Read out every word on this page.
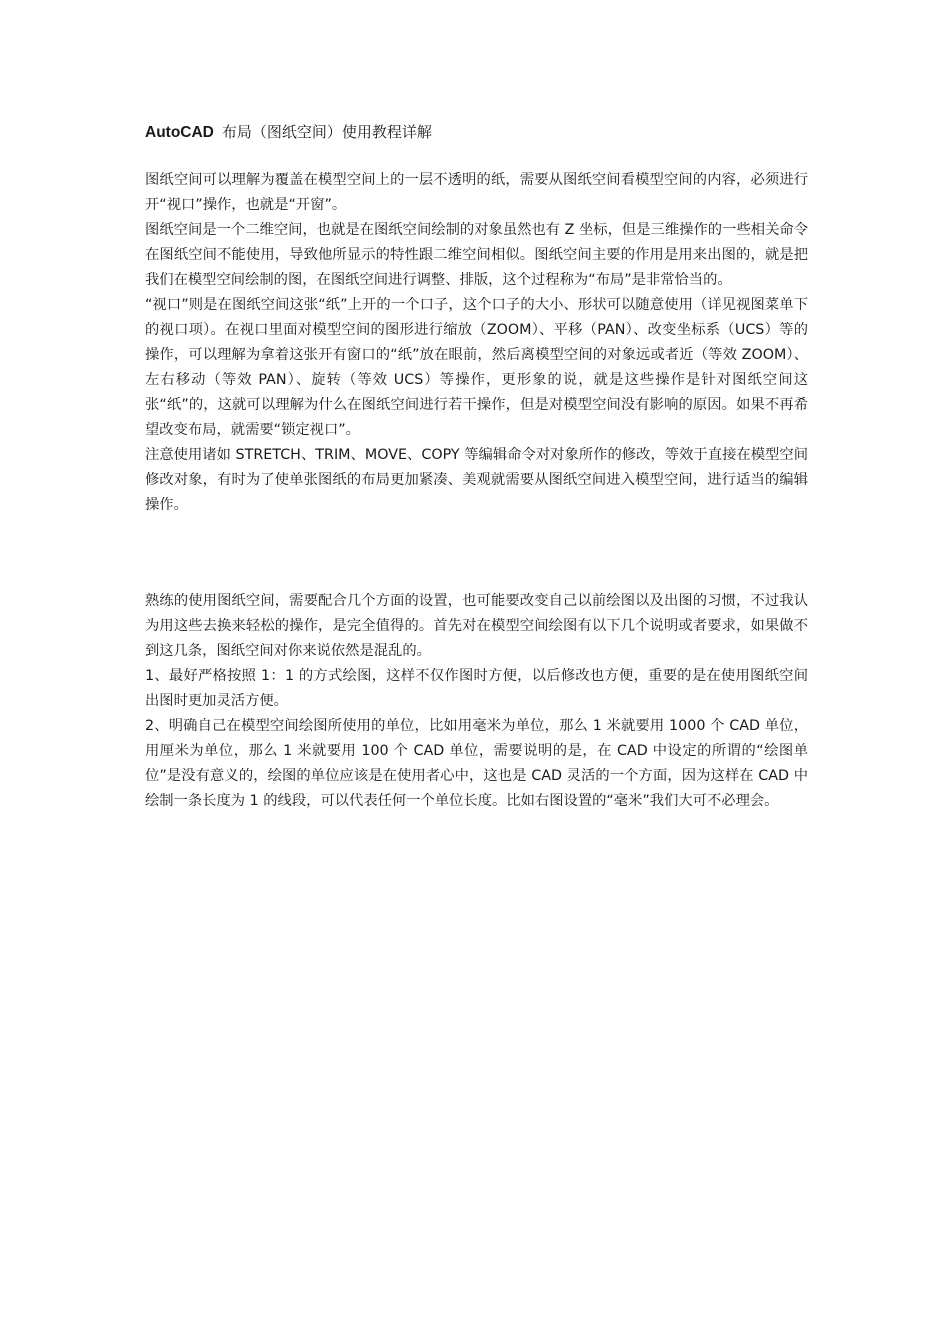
AutoCAD 布局（图纸空间）使用教程详解

图纸空间可以理解为覆盖在模型空间上的一层不透明的纸，需要从图纸空间看模型空间的内容，必须进行开“视口”操作，也就是“开窗”。

图纸空间是一个二维空间，也就是在图纸空间绘制的对象虽然也有 Z 坐标，但是三维操作的一些相关命令在图纸空间不能使用，导致他所显示的特性跟二维空间相似。图纸空间主要的作用是用来出图的，就是把我们在模型空间绘制的图，在图纸空间进行调整、排版，这个过程称为“布局”是非常恰当的。

“视口”则是在图纸空间这张“纸”上开的一个口子，这个口子的大小、形状可以随意使用（详见视图菜单下的视口项）。在视口里面对模型空间的图形进行缩放（ZOOM）、平移（PAN）、改变坐标系（UCS）等的操作，可以理解为拿着这张开有窗口的“纸”放在眼前，然后离模型空间的对象远或者近（等效 ZOOM）、左右移动（等效 PAN）、旋转（等效 UCS）等操作，更形象的说，就是这些操作是针对图纸空间这张“纸”的，这就可以理解为什么在图纸空间进行若干操作，但是对模型空间没有影响的原因。如果不再希望改变布局，就需要“锁定视口”。

注意使用诸如 STRETCH、TRIM、MOVE、COPY 等编辑命令对对象所作的修改，等效于直接在模型空间修改对象，有时为了使单张图纸的布局更加紧凑、美观就需要从图纸空间进入模型空间，进行适当的编辑操作。

熟练的使用图纸空间，需要配合几个方面的设置，也可能要改变自己以前绘图以及出图的习惯，不过我认为用这些去换来轻松的操作，是完全值得的。首先对在模型空间绘图有以下几个说明或者要求，如果做不到这几条，图纸空间对你来说依然是混乱的。

1、最好严格按照 1：1 的方式绘图，这样不仅作图时方便，以后修改也方便，重要的是在使用图纸空间出图时更加灵活方便。

2、明确自己在模型空间绘图所使用的单位，比如用毫米为单位，那么 1 米就要用 1000 个 CAD 单位，用厘米为单位，那么 1 米就要用 100 个 CAD 单位，需要说明的是，在 CAD 中设定的所谓的“绘图单位”是没有意义的，绘图的单位应该是在使用者心中，这也是 CAD 灵活的一个方面，因为这样在 CAD 中绘制一条长度为 1 的线段，可以代表任何一个单位长度。比如右图设置的“毫米”我们大可不必理会。
